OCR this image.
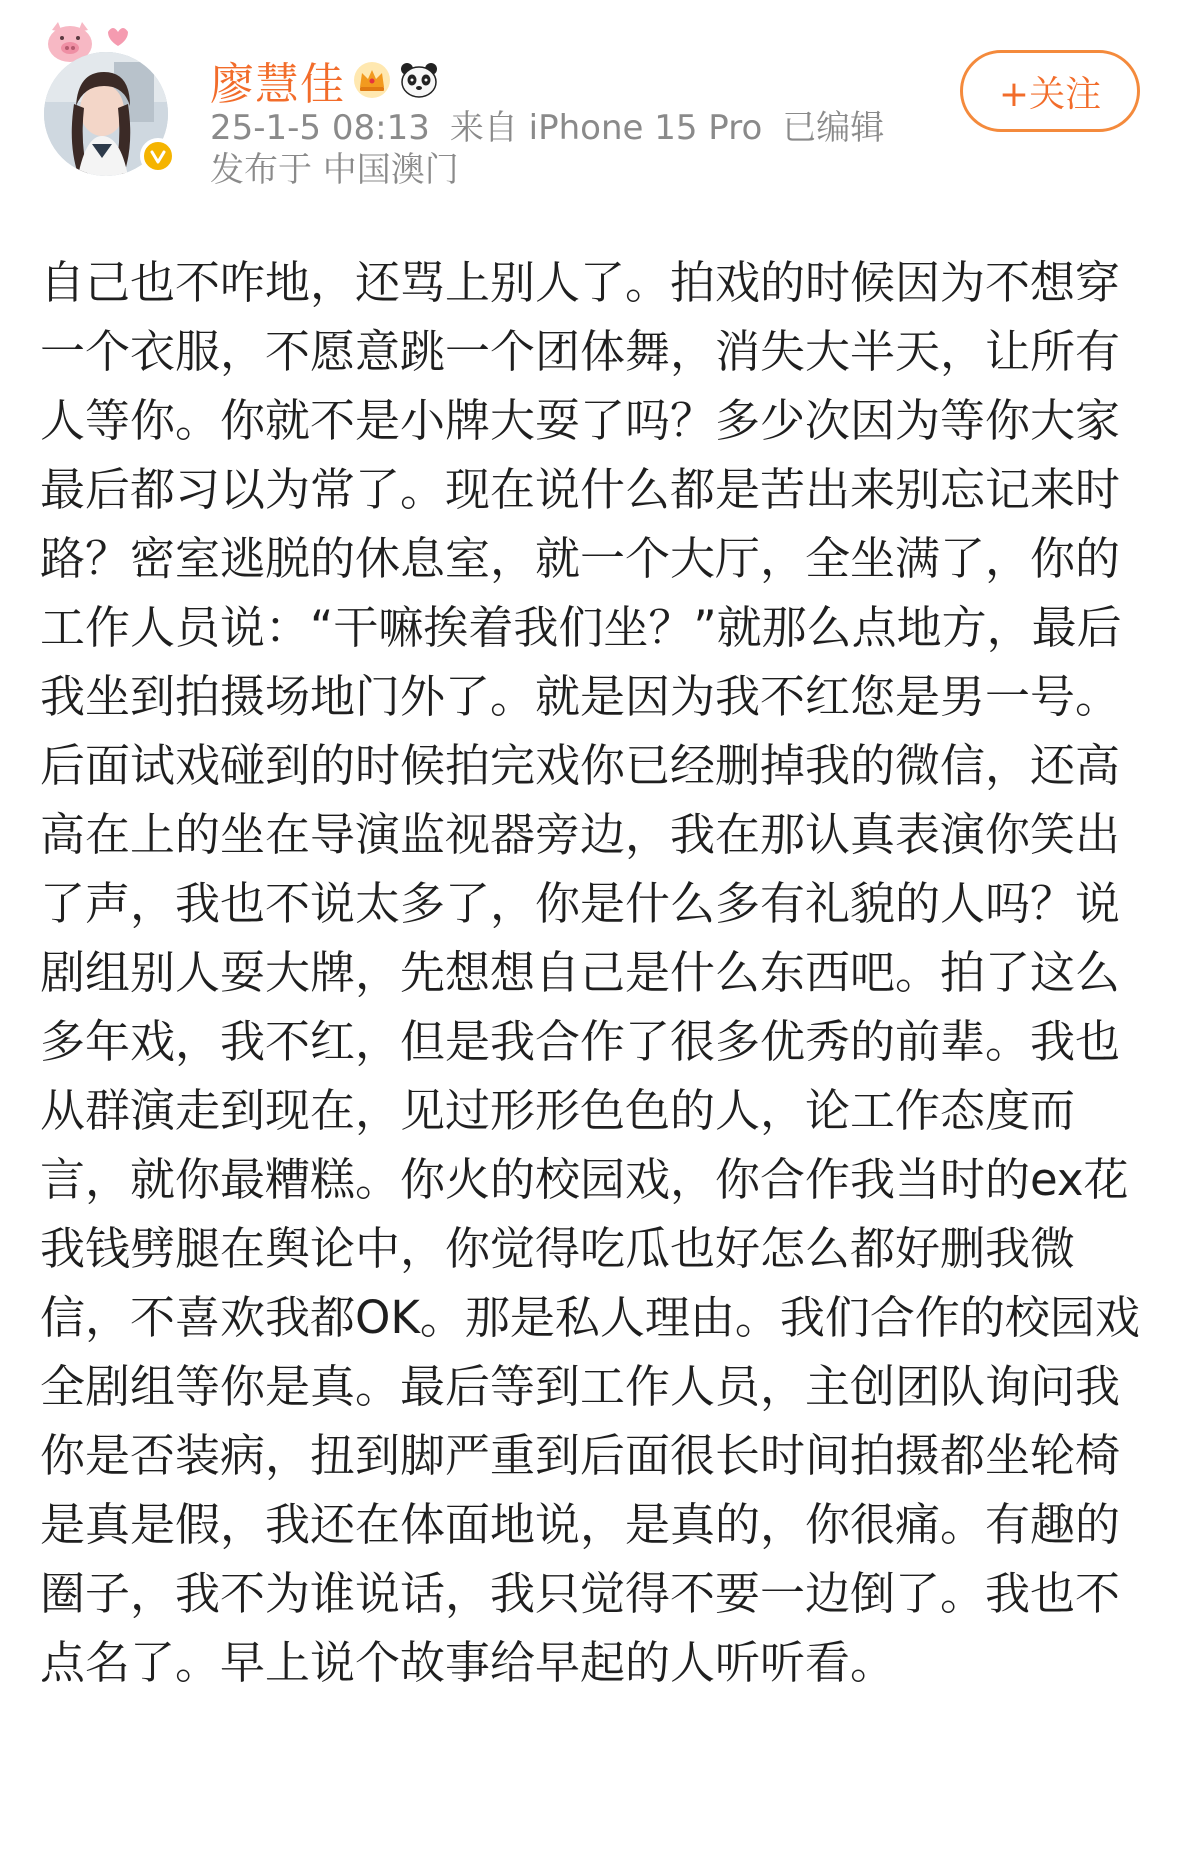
廖慧佳
25-1-5 08:13 来自 iPhone 15 Pro 已编辑
发布于 中国澳门
+关注
自己也不咋地，还骂上别人了。拍戏的时候因为不想穿一个衣服，不愿意跳一个团体舞，消失大半天，让所有人等你。你就不是小牌大耍了吗？多少次因为等你大家最后都习以为常了。现在说什么都是苦出来别忘记来时路？密室逃脱的休息室，就一个大厅，全坐满了，你的工作人员说：“干嘛挨着我们坐？”就那么点地方，最后我坐到拍摄场地门外了。就是因为我不红您是男一号。后面试戏碰到的时候拍完戏你已经删掉我的微信，还高高在上的坐在导演监视器旁边，我在那认真表演你笑出了声，我也不说太多了，你是什么多有礼貌的人吗？说剧组别人耍大牌，先想想自己是什么东西吧。拍了这么多年戏，我不红，但是我合作了很多优秀的前辈。我也从群演走到现在，见过形形色色的人，论工作态度而言，就你最糟糕。你火的校园戏，你合作我当时的ex花我钱劈腿在舆论中，你觉得吃瓜也好怎么都好删我微信，不喜欢我都OK。那是私人理由。我们合作的校园戏全剧组等你是真。最后等到工作人员，主创团队询问我你是否装病，扭到脚严重到后面很长时间拍摄都坐轮椅是真是假，我还在体面地说，是真的，你很痛。有趣的圈子，我不为谁说话，我只觉得不要一边倒了。我也不点名了。早上说个故事给早起的人听听看。
